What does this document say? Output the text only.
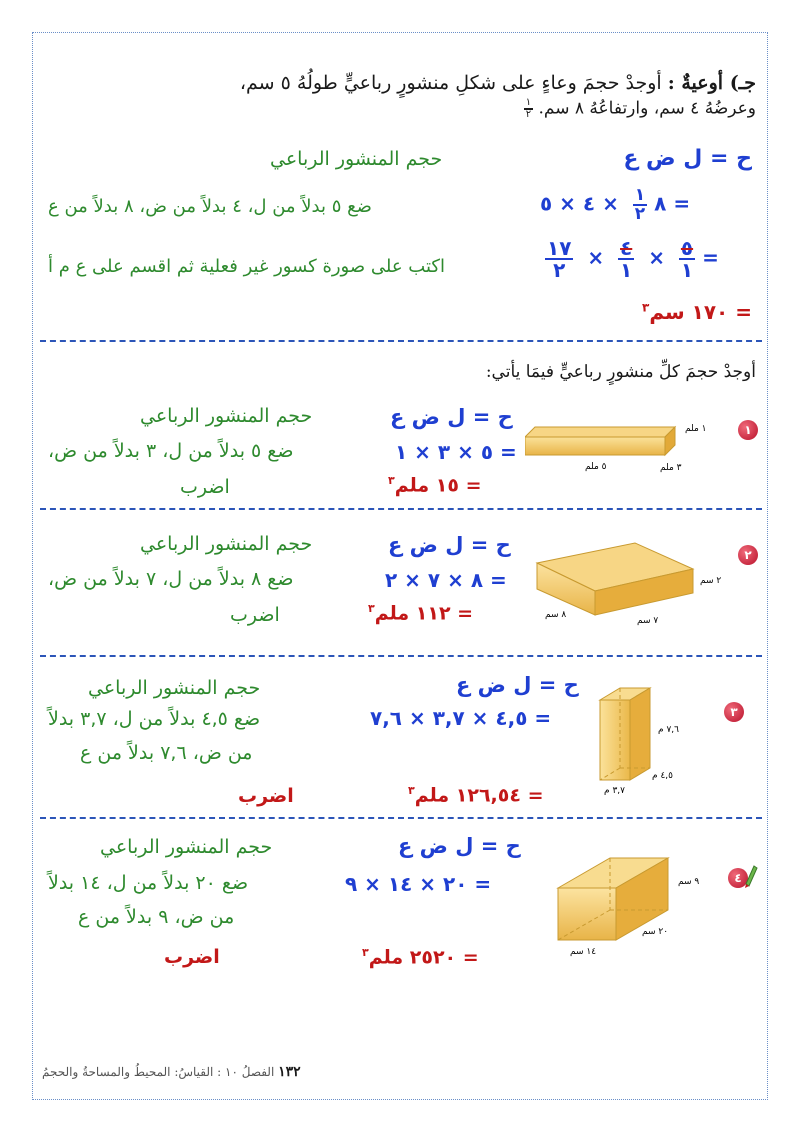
جـ) أوعيةٌ : أوجدْ حجمَ وعاءٍ على شكلِ منشورٍ رباعيٍّ طولُهُ ٥ سم،
وعرضُهُ ٤ سم، وارتفاعُهُ ٨ سم.
$\frac{١}{٢}$
ح = ل ض ع
حجم المنشور الرباعي
٨
$\frac{١}{٢}$
× ٤ × ٥ =
ضع ٥ بدلاً من ل، ٤ بدلاً من ض، ٨ بدلاً من ع
$\frac{١٧}{٢} \times \frac{٤}{١} \times \frac{٥}{١}$ =
اكتب على صورة كسور غير فعلية ثم اقسم على ع م أ
= ١٧٠ سم$^٣$
أوجدْ حجمَ كلِّ منشورٍ رباعيٍّ فيمَا يأتي:
١
١ ملم
٣ ملم
٥ ملم
ح = ل ض ع
حجم المنشور الرباعي
= ٥ × ٣ × ١
ضع ٥ بدلاً من ل، ٣ بدلاً من ض،
= ١٥ ملم$^٣$
اضرب
٢
٢ سم
٧ سم
٨ سم
ح = ل ض ع
حجم المنشور الرباعي
= ٨ × ٧ × ٢
ضع ٨ بدلاً من ل، ٧ بدلاً من ض،
= ١١٢ ملم$^٣$
اضرب
٣
٧,٦ م
٤,٥ م
٣,٧ م
ح = ل ض ع
حجم المنشور الرباعي
= ٤,٥ × ٣,٧ × ٧,٦
ضع ٤,٥ بدلاً من ل، ٣,٧ بدلاً
من ض، ٧,٦ بدلاً من ع
= ١٢٦,٥٤ ملم$^٣$
اضرب
٤
٩ سم
٢٠ سم
١٤ سم
ح = ل ض ع
حجم المنشور الرباعي
= ٢٠ × ١٤ × ٩
ضع ٢٠ بدلاً من ل، ١٤ بدلاً
من ض، ٩ بدلاً من ع
= ٢٥٢٠ ملم$^٣$
اضرب
١٣٢ الفصلُ ١٠ : القياسُ: المحيطُ والمساحةُ والحجمُ
